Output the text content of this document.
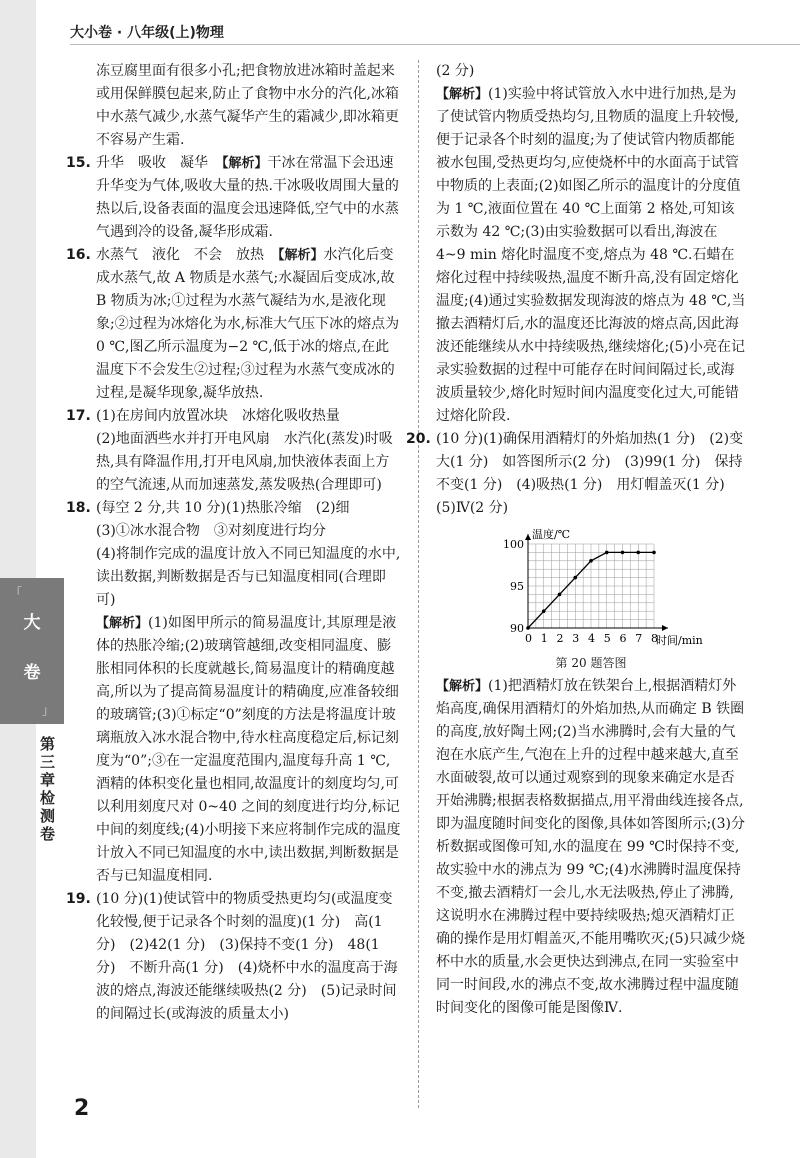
大小卷 · 八年级(上)物理
「
大
卷
」
第三章检测卷

冻豆腐里面有很多小孔;把食物放进冰箱时盖起来或用保鲜膜包起来,防止了食物中水分的汽化,冰箱中水蒸气减少,水蒸气凝华产生的霜减少,即冰箱更不容易产生霜.

15. 升华　吸收　凝华　【解析】干冰在常温下会迅速升华变为气体,吸收大量的热.干冰吸收周围大量的热以后,设备表面的温度会迅速降低,空气中的水蒸气遇到冷的设备,凝华形成霜.

16. 水蒸气　液化　不会　放热　【解析】水汽化后变成水蒸气,故 A 物质是水蒸气;水凝固后变成冰,故 B 物质为冰;①过程为水蒸气凝结为水,是液化现象;②过程为冰熔化为水,标准大气压下冰的熔点为 0 ℃,图乙所示温度为−2 ℃,低于冰的熔点,在此温度下不会发生②过程;③过程为水蒸气变成冰的过程,是凝华现象,凝华放热.

17. (1)在房间内放置冰块　冰熔化吸收热量

(2)地面洒些水并打开电风扇　水汽化(蒸发)时吸热,具有降温作用,打开电风扇,加快液体表面上方的空气流速,从而加速蒸发,蒸发吸热(合理即可)

18. (每空 2 分,共 10 分)(1)热胀冷缩　(2)细

(3)①冰水混合物　③对刻度进行均分

(4)将制作完成的温度计放入不同已知温度的水中,读出数据,判断数据是否与已知温度相同(合理即可)

【解析】(1)如图甲所示的简易温度计,其原理是液体的热胀冷缩;(2)玻璃管越细,改变相同温度、膨胀相同体积的长度就越长,简易温度计的精确度越高,所以为了提高简易温度计的精确度,应准备较细的玻璃管;(3)①标定“0”刻度的方法是将温度计玻璃瓶放入冰水混合物中,待水柱高度稳定后,标记刻度为“0”;③在一定温度范围内,温度每升高 1 ℃,酒精的体积变化量也相同,故温度计的刻度均匀,可以利用刻度尺对 0~40 之间的刻度进行均分,标记中间的刻度线;(4)小明接下来应将制作完成的温度计放入不同已知温度的水中,读出数据,判断数据是否与已知温度相同.

19. (10 分)(1)使试管中的物质受热更均匀(或温度变化较慢,便于记录各个时刻的温度)(1 分)　高(1 分)　(2)42(1 分)　(3)保持不变(1 分)　48(1 分)　不断升高(1 分)　(4)烧杯中水的温度高于海波的熔点,海波还能继续吸热(2 分)　(5)记录时间的间隔过长(或海波的质量太小)

(2 分)

【解析】(1)实验中将试管放入水中进行加热,是为了使试管内物质受热均匀,且物质的温度上升较慢,便于记录各个时刻的温度;为了使试管内物质都能被水包围,受热更均匀,应使烧杯中的水面高于试管中物质的上表面;(2)如图乙所示的温度计的分度值为 1 ℃,液面位置在 40 ℃上面第 2 格处,可知该示数为 42 ℃;(3)由实验数据可以看出,海波在 4~9 min 熔化时温度不变,熔点为 48 ℃.石蜡在熔化过程中持续吸热,温度不断升高,没有固定熔化温度;(4)通过实验数据发现海波的熔点为 48 ℃,当撤去酒精灯后,水的温度还比海波的熔点高,因此海波还能继续从水中持续吸热,继续熔化;(5)小亮在记录实验数据的过程中可能存在时间间隔过长,或海波质量较少,熔化时短时间内温度变化过大,可能错过熔化阶段.

20. (10 分)(1)确保用酒精灯的外焰加热(1 分)　(2)变大(1 分)　如答图所示(2 分)　(3)99(1 分)　保持不变(1 分)　(4)吸热(1 分)　用灯帽盖灭(1 分)　(5)Ⅳ(2 分)

温度/℃
时间/min
0 1 2 3 4 5 6 7 8
90
95
100

第 20 题答图

【解析】(1)把酒精灯放在铁架台上,根据酒精灯外焰高度,确保用酒精灯的外焰加热,从而确定 B 铁圈的高度,放好陶土网;(2)当水沸腾时,会有大量的气泡在水底产生,气泡在上升的过程中越来越大,直至水面破裂,故可以通过观察到的现象来确定水是否开始沸腾;根据表格数据描点,用平滑曲线连接各点,即为温度随时间变化的图像,具体如答图所示;(3)分析数据或图像可知,水的温度在 99 ℃时保持不变,故实验中水的沸点为 99 ℃;(4)水沸腾时温度保持不变,撤去酒精灯一会儿,水无法吸热,停止了沸腾,这说明水在沸腾过程中要持续吸热;熄灭酒精灯正确的操作是用灯帽盖灭,不能用嘴吹灭;(5)只减少烧杯中水的质量,水会更快达到沸点,在同一实验室中同一时间段,水的沸点不变,故水沸腾过程中温度随时间变化的图像可能是图像Ⅳ.

2
